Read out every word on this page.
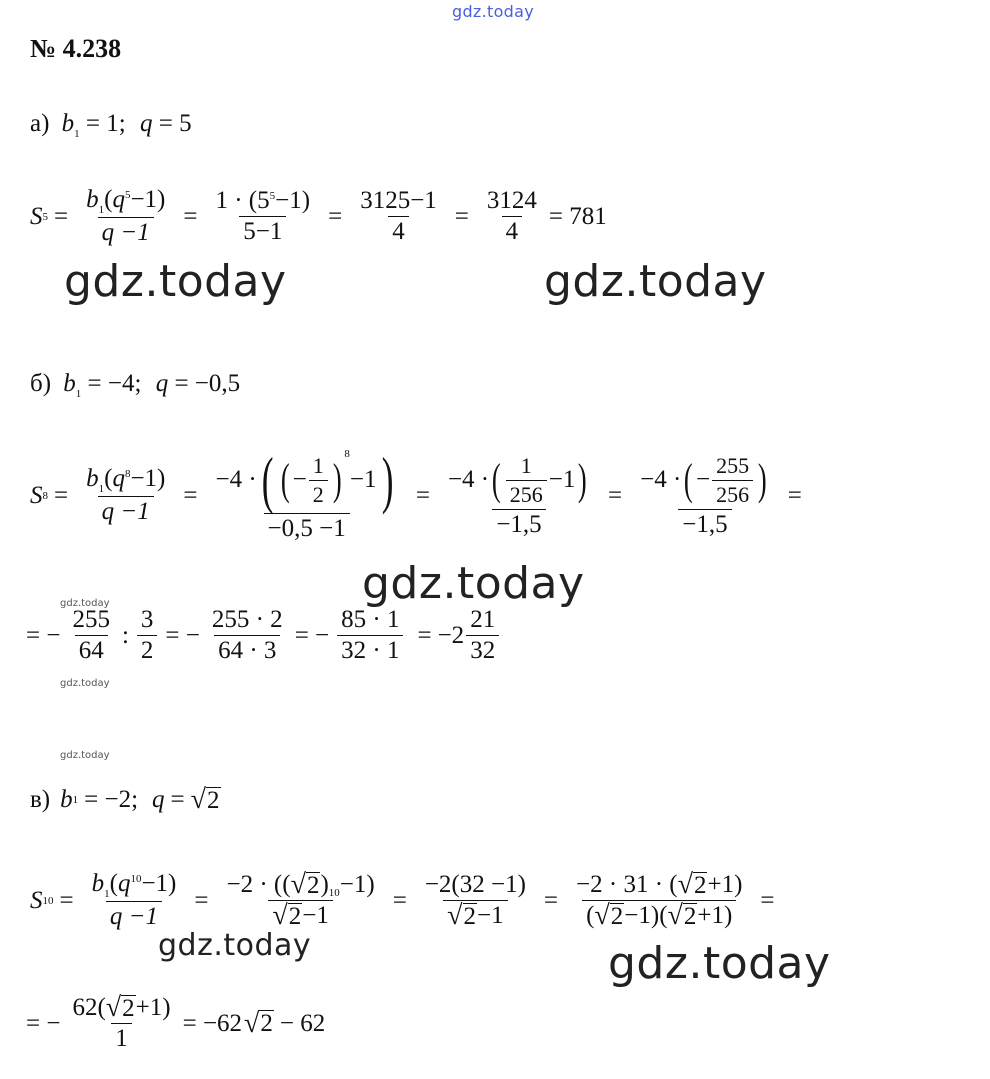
gdz.today
gdz.today	gdz.today
gdz.today
gdz.today	gdz.today
gdz.today
gdz.today
gdz.today
№ 4.238
а) $b_1 = 1$; q = 5
S $5 = \frac{b_1(q^5-1)}{q -1} = \frac{1 \cdot (5^5-1)}{5-1} = \frac{3125-1}{4} = \frac{3124}{4} = 781$
б) $b_1 = -4$; q = −0,5
S $8 = \frac{b_1(q^8-1)}{q -1} = -4$ · ( ( − $\frac{1}{2}$ )
8
−1 )
$-0,5 -1 = \frac{-4 \cdot ( \frac{1}{256} -1 )}{-1,5} = \frac{-4 \cdot ( - \frac{255}{256} )}{-1,5}$ =
= − $\frac{255}{64}$ : $\frac{3}{2}$ = − $\frac{255 \cdot 2}{64 \cdot 3}$ = − $\frac{85 \cdot 1}{32 \cdot 1} = -2 \frac{21}{32}$
в) b 1 = −2; q = √ 2
S $10 = \frac{b_1(q^{10}-1)}{q -1} = \frac{-2 \cdot (( √ 2 ) 10 -1)}{√ 2 -1} = \frac{-2(32 -1)}{√ 2 -1} = \frac{-2 \cdot 31 \cdot ( √ 2 +1)}{( √ 2 -1)( √ 2 +1)}$ =
= − $\frac{62( √ 2 +1)}{1} = -62$ √ 2 − 62
